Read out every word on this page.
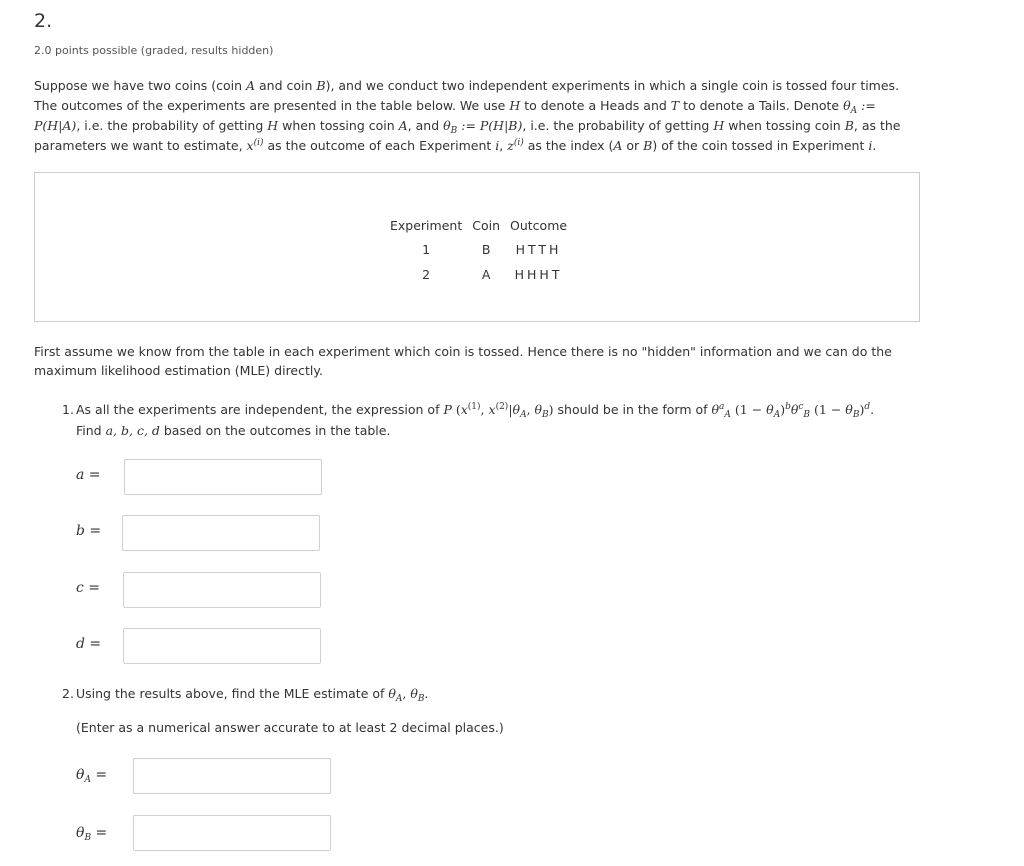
2.
2.0 points possible (graded, results hidden)

Suppose we have two coins (coin A and coin B), and we conduct two independent experiments in which a single coin is tossed four times. The outcomes of the experiments are presented in the table below. We use H to denote a Heads and T to denote a Tails. Denote $\theta_A$ := P(H|A), i.e. the probability of getting H when tossing coin A, and $\theta_B$ := P(H|B), i.e. the probability of getting H when tossing coin B, as the parameters we want to estimate, $x^{(i)}$ as the outcome of each Experiment i, $z^{(i)}$ as the index (A or B) of the coin tossed in Experiment i.

Experiment	Coin	Outcome
1	B	HTTH
2	A	HHHT

First assume we know from the table in each experiment which coin is tossed. Hence there is no "hidden" information and we can do the maximum likelihood estimation (MLE) directly.

1. As all the experiments are independent, the expression of P ($x^{(1)}$, $x^{(2)}|\theta_A$, $\theta_B$) should be in the form of $\theta^a_A$ $(1 - \theta_A)^b\theta^c_B$ $(1 - \theta_B)^d$.
Find a, b, c, d based on the outcomes in the table.
a =
b =
c =
d =
2. Using the results above, find the MLE estimate of $\theta_A$, $\theta_B$.
(Enter as a numerical answer accurate to at least 2 decimal places.)
$\theta_A$ =
$\theta_B$ =
